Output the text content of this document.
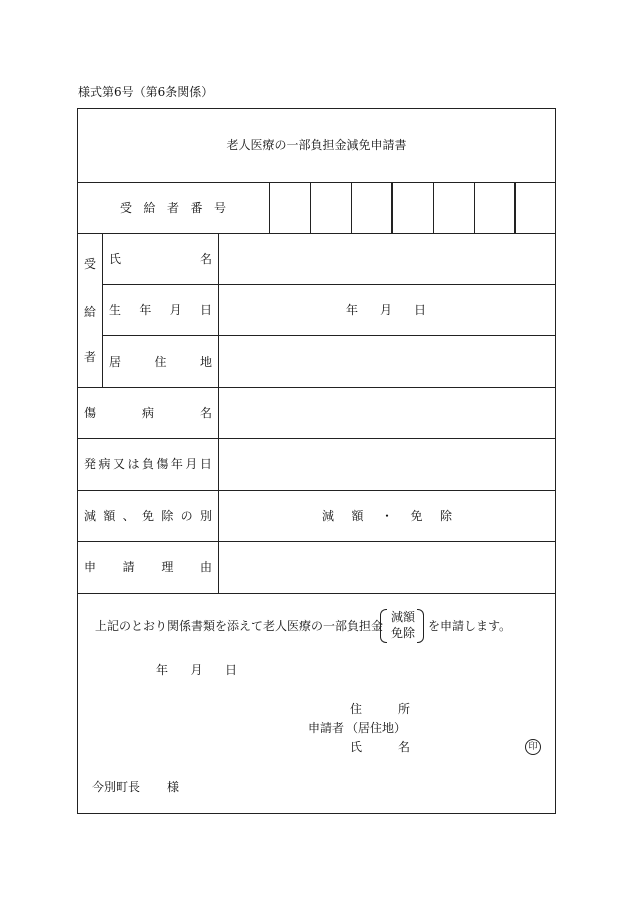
様式第6号（第6条関係）
老人医療の一部負担金減免申請書
受 給 者 番 号
受
給
者
氏	名
生 年 月 日	年 月 日
居	住	地
傷	病	名
発 病 又 は 負 傷 年 月 日
減 額 、 免 除 の 別	減 額 ・ 免 除
申 請 理 由
上記のとおり関係書類を添えて老人医療の一部負担金
減額
免除 を申請します。
年 月 日
住	所
申請者 （居住地）
氏	名	印
今別町長 様
